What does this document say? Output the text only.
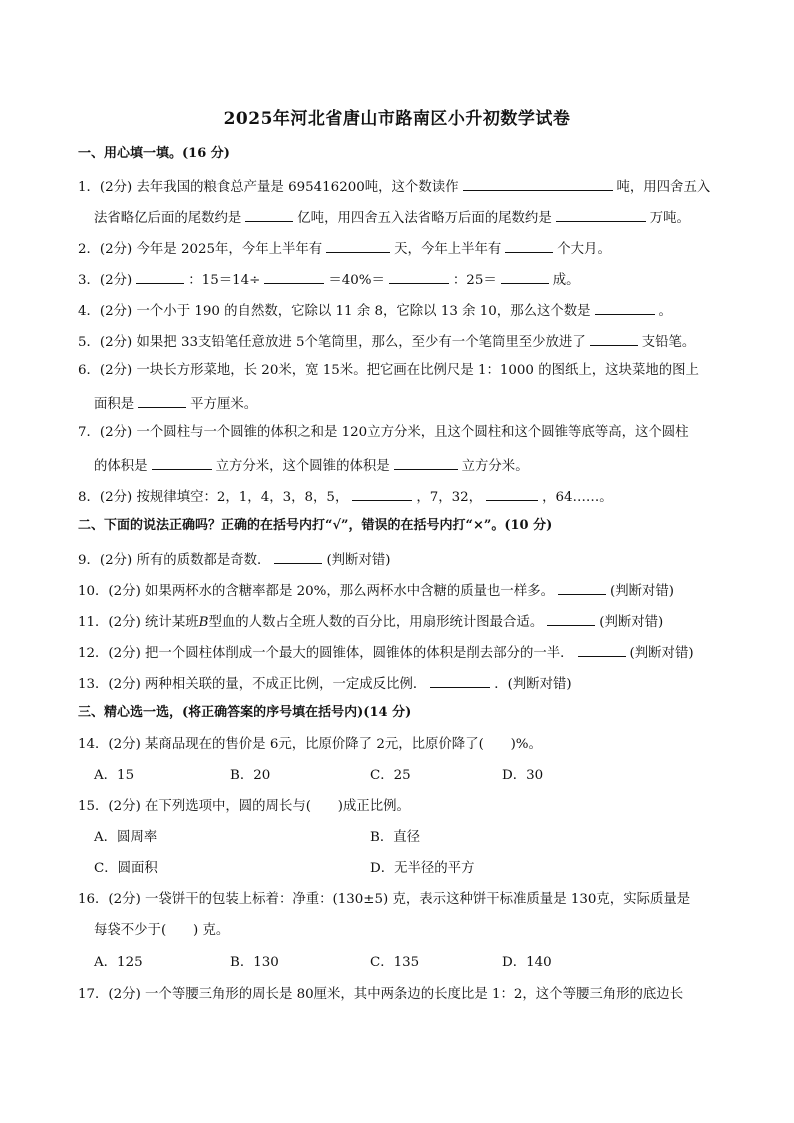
2025年河北省唐山市路南区小升初数学试卷
一、用心填一填。(16 分)
1．(2分) 去年我国的粮食总产量是 695416200吨，这个数读作	吨，用四舍五入
法省略亿后面的尾数约是	亿吨，用四舍五入法省略万后面的尾数约是	万吨。
2．(2分) 今年是 2025年，今年上半年有	天，今年上半年有	个大月。
3．(2分)	：15＝14÷	＝40%＝	：25＝	成。
4．(2分) 一个小于 190 的自然数，它除以 11 余 8，它除以 13 余 10，那么这个数是	。
5．(2分) 如果把 33支铅笔任意放进 5个笔筒里，那么，至少有一个笔筒里至少放进了	支铅笔。
6．(2分) 一块长方形菜地，长 20米，宽 15米。把它画在比例尺是 1：1000 的图纸上，这块菜地的图上
面积是	平方厘米。
7．(2分) 一个圆柱与一个圆锥的体积之和是 120立方分米，且这个圆柱和这个圆锥等底等高，这个圆柱
的体积是	立方分米，这个圆锥的体积是	立方分米。
8．(2分) 按规律填空：2，1，4，3，8，5，	，7，32，	，64……。
二、下面的说法正确吗？正确的在括号内打“√”，错误的在括号内打“×”。(10 分)
9．(2分) 所有的质数都是奇数．	(判断对错)
10．(2分) 如果两杯水的含糖率都是 20%，那么两杯水中含糖的质量也一样多。	(判断对错)
11．(2分) 统计某班B型血的人数占全班人数的百分比，用扇形统计图最合适。	(判断对错)
12．(2分) 把一个圆柱体削成一个最大的圆锥体，圆锥体的体积是削去部分的一半．	(判断对错)
13．(2分) 两种相关联的量，不成正比例，一定成反比例．	．(判断对错)
三、精心选一选，(将正确答案的序号填在括号内)(14 分)
14．(2分) 某商品现在的售价是 6元，比原价降了 2元，比原价降了(　　)%。
A．15	B．20	C．25	D．30
15．(2分) 在下列选项中，圆的周长与(　　)成正比例。
A．圆周率	B．直径
C．圆面积	D．无半径的平方
16．(2分) 一袋饼干的包装上标着：净重：(130±5) 克，表示这种饼干标准质量是 130克，实际质量是
每袋不少于(　　) 克。
A．125	B．130	C．135	D．140
17．(2分) 一个等腰三角形的周长是 80厘米，其中两条边的长度比是 1：2，这个等腰三角形的底边长
